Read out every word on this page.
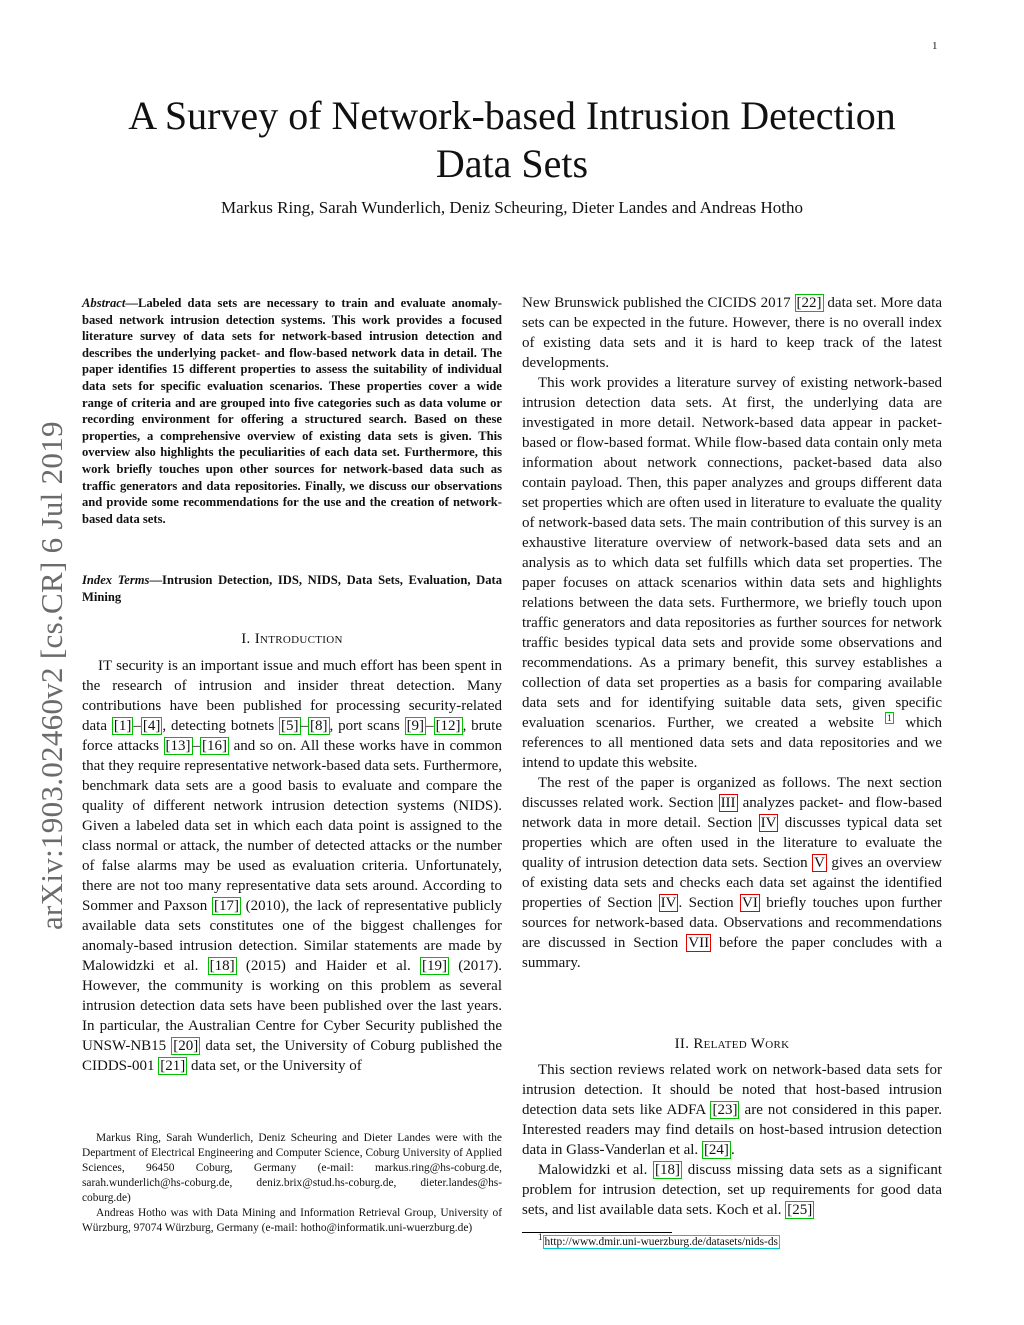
1
arXiv:1903.02460v2 [cs.CR] 6 Jul 2019
A Survey of Network-based Intrusion Detection
Data Sets
Markus Ring, Sarah Wunderlich, Deniz Scheuring, Dieter Landes and Andreas Hotho
Abstract—Labeled data sets are necessary to train and evaluate anomaly-based network intrusion detection systems. This work provides a focused literature survey of data sets for network-based intrusion detection and describes the underlying packet- and flow-based network data in detail. The paper identifies 15 different properties to assess the suitability of individual data sets for specific evaluation scenarios. These properties cover a wide range of criteria and are grouped into five categories such as data volume or recording environment for offering a structured search. Based on these properties, a comprehensive overview of existing data sets is given. This overview also highlights the peculiarities of each data set. Furthermore, this work briefly touches upon other sources for network-based data such as traffic generators and data repositories. Finally, we discuss our observations and provide some recommendations for the use and the creation of network-based data sets.
Index Terms—Intrusion Detection, IDS, NIDS, Data Sets, Evaluation, Data Mining
I. Introduction

IT security is an important issue and much effort has been spent in the research of intrusion and insider threat detection. Many contributions have been published for processing security-related data [1] – [4] , detecting botnets [5] – [8] , port scans [9] – [12] , brute force attacks [13] – [16] and so on. All these works have in common that they require representative network-based data sets. Furthermore, benchmark data sets are a good basis to evaluate and compare the quality of different network intrusion detection systems (NIDS). Given a labeled data set in which each data point is assigned to the class normal or attack, the number of detected attacks or the number of false alarms may be used as evaluation criteria. Unfortunately, there are not too many representative data sets around. According to Sommer and Paxson [17] (2010), the lack of representative publicly available data sets constitutes one of the biggest challenges for anomaly-based intrusion detection. Similar statements are made by Malowidzki et al. [18] (2015) and Haider et al. [19] (2017). However, the community is working on this problem as several intrusion detection data sets have been published over the last years. In particular, the Australian Centre for Cyber Security published the UNSW-NB15 [20] data set, the University of Coburg published the CIDDS-001 [21] data set, or the University of

Markus Ring, Sarah Wunderlich, Deniz Scheuring and Dieter Landes were with the Department of Electrical Engineering and Computer Science, Coburg University of Applied Sciences, 96450 Coburg, Germany (e-mail: markus.ring@hs-coburg.de, sarah.wunderlich@hs-coburg.de, deniz.brix@stud.hs-coburg.de, dieter.landes@hs-coburg.de)

Andreas Hotho was with Data Mining and Information Retrieval Group, University of Würzburg, 97074 Würzburg, Germany (e-mail: hotho@informatik.uni-wuerzburg.de)

New Brunswick published the CICIDS 2017 [22] data set. More data sets can be expected in the future. However, there is no overall index of existing data sets and it is hard to keep track of the latest developments.

This work provides a literature survey of existing network-based intrusion detection data sets. At first, the underlying data are investigated in more detail. Network-based data appear in packet-based or flow-based format. While flow-based data contain only meta information about network connections, packet-based data also contain payload. Then, this paper analyzes and groups different data set properties which are often used in literature to evaluate the quality of network-based data sets. The main contribution of this survey is an exhaustive literature overview of network-based data sets and an analysis as to which data set fulfills which data set properties. The paper focuses on attack scenarios within data sets and highlights relations between the data sets. Furthermore, we briefly touch upon traffic generators and data repositories as further sources for network traffic besides typical data sets and provide some observations and recommendations. As a primary benefit, this survey establishes a collection of data set properties as a basis for comparing available data sets and for identifying suitable data sets, given specific evaluation scenarios. Further, we created a website $^1$ which references to all mentioned data sets and data repositories and we intend to update this website.

The rest of the paper is organized as follows. The next section discusses related work. Section III analyzes packet- and flow-based network data in more detail. Section IV discusses typical data set properties which are often used in the literature to evaluate the quality of intrusion detection data sets. Section V gives an overview of existing data sets and checks each data set against the identified properties of Section IV . Section VI briefly touches upon further sources for network-based data. Observations and recommendations are discussed in Section VII before the paper concludes with a summary.

II. Related Work

This section reviews related work on network-based data sets for intrusion detection. It should be noted that host-based intrusion detection data sets like ADFA [23] are not considered in this paper. Interested readers may find details on host-based intrusion detection data in Glass-Vanderlan et al. [24] .

Malowidzki et al. [18] discuss missing data sets as a significant problem for intrusion detection, set up requirements for good data sets, and list available data sets. Koch et al. [25]

$^1$ http://www.dmir.uni-wuerzburg.de/datasets/nids-ds
